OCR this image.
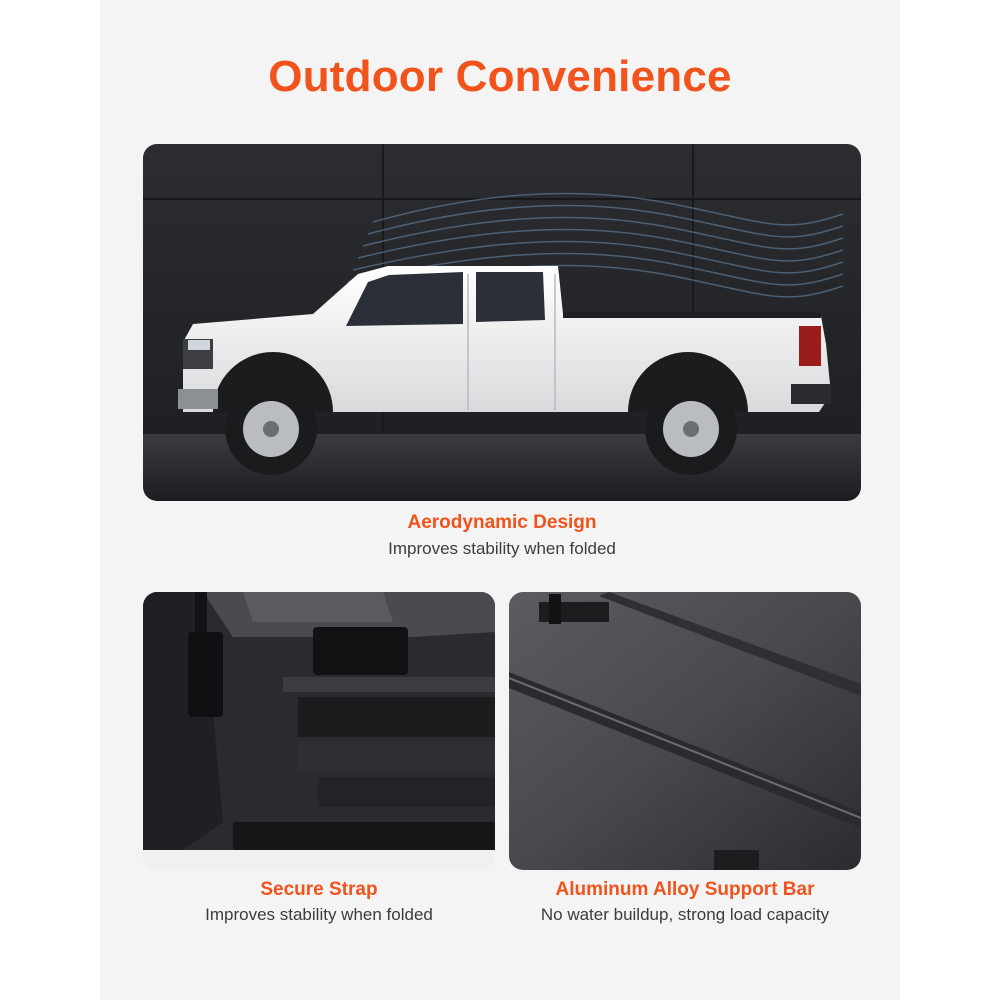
Outdoor Convenience
Aerodynamic Design
Improves stability when folded
Secure Strap
Improves stability when folded
Aluminum Alloy Support Bar
No water buildup, strong load capacity
